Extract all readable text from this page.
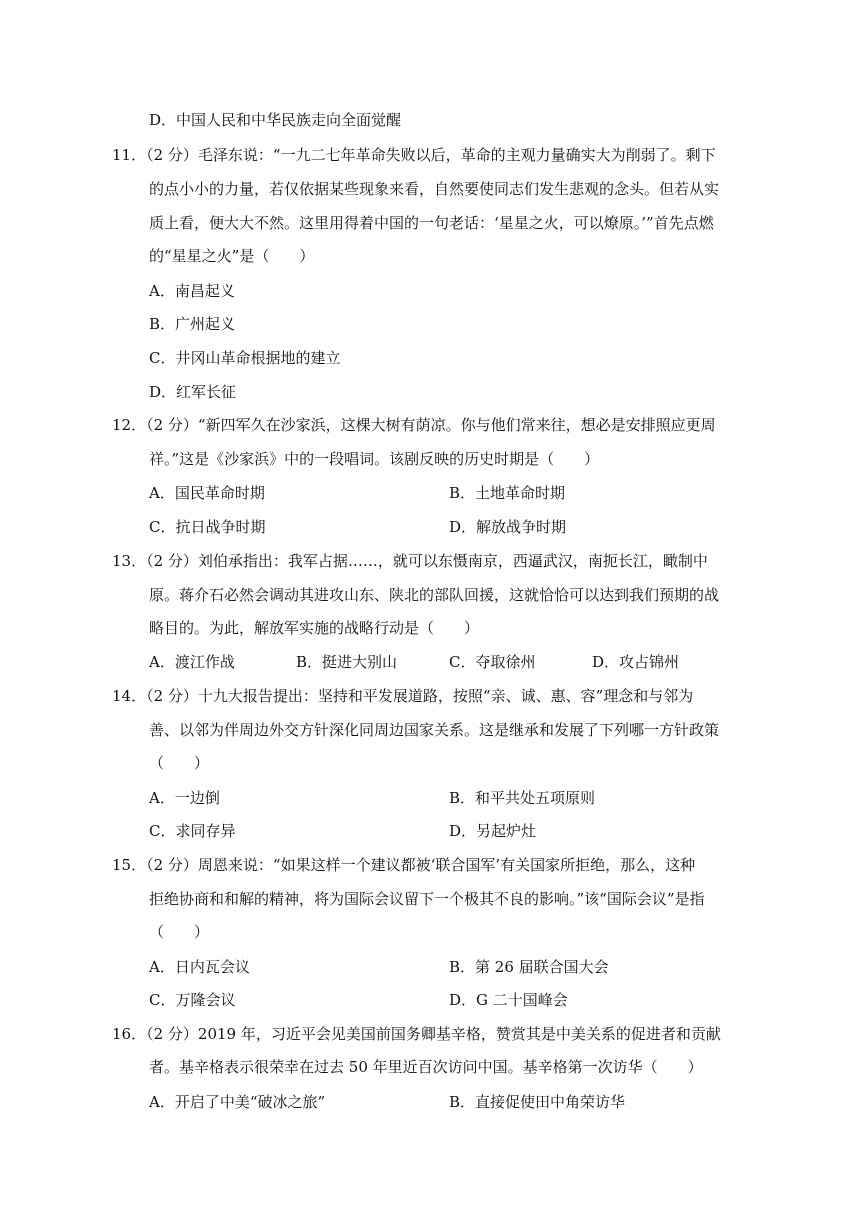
D．中国人民和中华民族走向全面觉醒
11．（2 分）毛泽东说：“一九二七年革命失败以后，革命的主观力量确实大为削弱了。剩下
的点小小的力量，若仅依据某些现象来看，自然要使同志们发生悲观的念头。但若从实
质上看，便大大不然。这里用得着中国的一句老话：‘星星之火，可以燎原。’”首先点燃
的“星星之火”是（　　）
A．南昌起义
B．广州起义
C．井冈山革命根据地的建立
D．红军长征
12．（2 分）“新四军久在沙家浜，这棵大树有荫凉。你与他们常来往，想必是安排照应更周
祥。”这是《沙家浜》中的一段唱词。该剧反映的历史时期是（　　）
A．国民革命时期	B．土地革命时期
C．抗日战争时期	D．解放战争时期
13．（2 分）刘伯承指出：我军占据……，就可以东慑南京，西逼武汉，南扼长江，瞰制中
原。蒋介石必然会调动其进攻山东、陕北的部队回援，这就恰恰可以达到我们预期的战
略目的。为此，解放军实施的战略行动是（　　）
A．渡江作战	B．挺进大别山	C．夺取徐州	D．攻占锦州
14．（2 分）十九大报告提出：坚持和平发展道路，按照“亲、诚、惠、容”理念和与邻为
善、以邻为伴周边外交方针深化同周边国家关系。这是继承和发展了下列哪一方针政策
（　　）
A．一边倒	B．和平共处五项原则
C．求同存异	D．另起炉灶
15．（2 分）周恩来说：“如果这样一个建议都被‘联合国军’有关国家所拒绝，那么，这种
拒绝协商和和解的精神，将为国际会议留下一个极其不良的影响。”该“国际会议”是指
（　　）
A．日内瓦会议	B．第 26 届联合国大会
C．万隆会议	D．G 二十国峰会
16．（2 分）2019 年，习近平会见美国前国务卿基辛格，赞赏其是中美关系的促进者和贡献
者。基辛格表示很荣幸在过去 50 年里近百次访问中国。基辛格第一次访华（　　）
A．开启了中美“破冰之旅”	B．直接促使田中角荣访华
